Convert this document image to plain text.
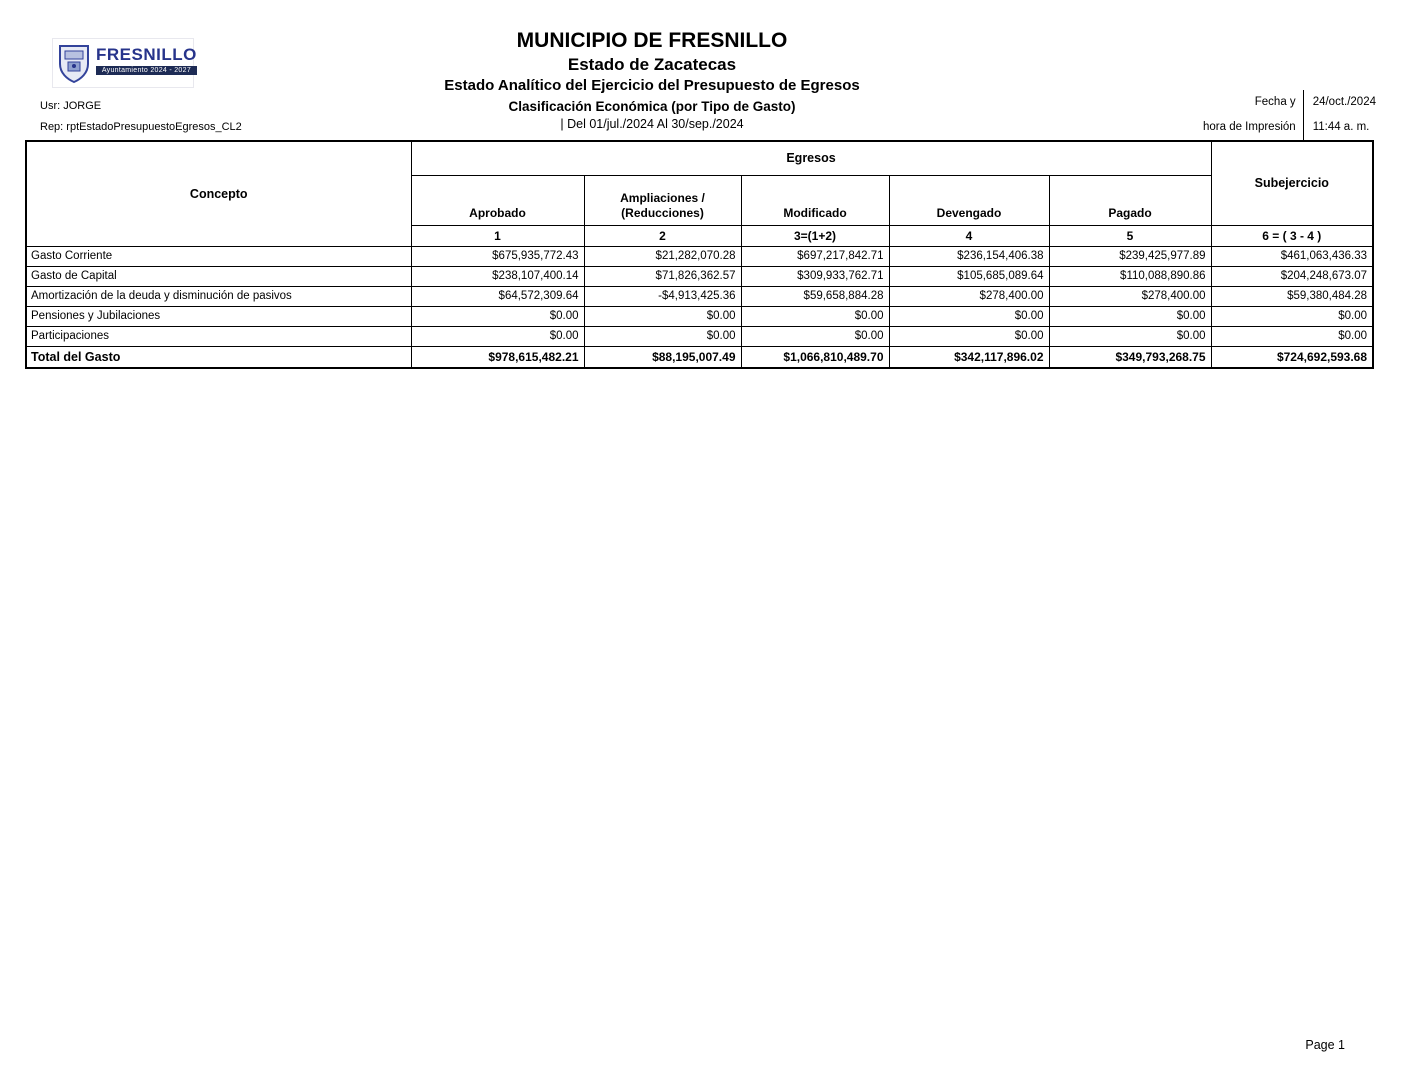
FRESNILLO
Ayuntamiento 2024 - 2027
Usr: JORGE
Rep: rptEstadoPresupuestoEgresos_CL2
MUNICIPIO DE FRESNILLO
Estado de Zacatecas
Estado Analítico del Ejercicio del Presupuesto de Egresos
Clasificación Económica (por Tipo de Gasto)
| Del 01/jul./2024 Al 30/sep./2024
Fecha y
hora de Impresión
24/oct./2024
11:44 a. m.
Concepto	Egresos					Subejercicio
	Aprobado	Ampliaciones / (Reducciones)	Modificado	Devengado	Pagado	
	1	2	3=(1+2)	4	5	6 = ( 3 - 4 )
Gasto Corriente	$675,935,772.43	$21,282,070.28	$697,217,842.71	$236,154,406.38	$239,425,977.89	$461,063,436.33
Gasto de Capital	$238,107,400.14	$71,826,362.57	$309,933,762.71	$105,685,089.64	$110,088,890.86	$204,248,673.07
Amortización de la deuda y disminución de pasivos	$64,572,309.64	-$4,913,425.36	$59,658,884.28	$278,400.00	$278,400.00	$59,380,484.28
Pensiones y Jubilaciones	$0.00	$0.00	$0.00	$0.00	$0.00	$0.00
Participaciones	$0.00	$0.00	$0.00	$0.00	$0.00	$0.00
Total del Gasto	$978,615,482.21	$88,195,007.49	$1,066,810,489.70	$342,117,896.02	$349,793,268.75	$724,692,593.68
Page 1
